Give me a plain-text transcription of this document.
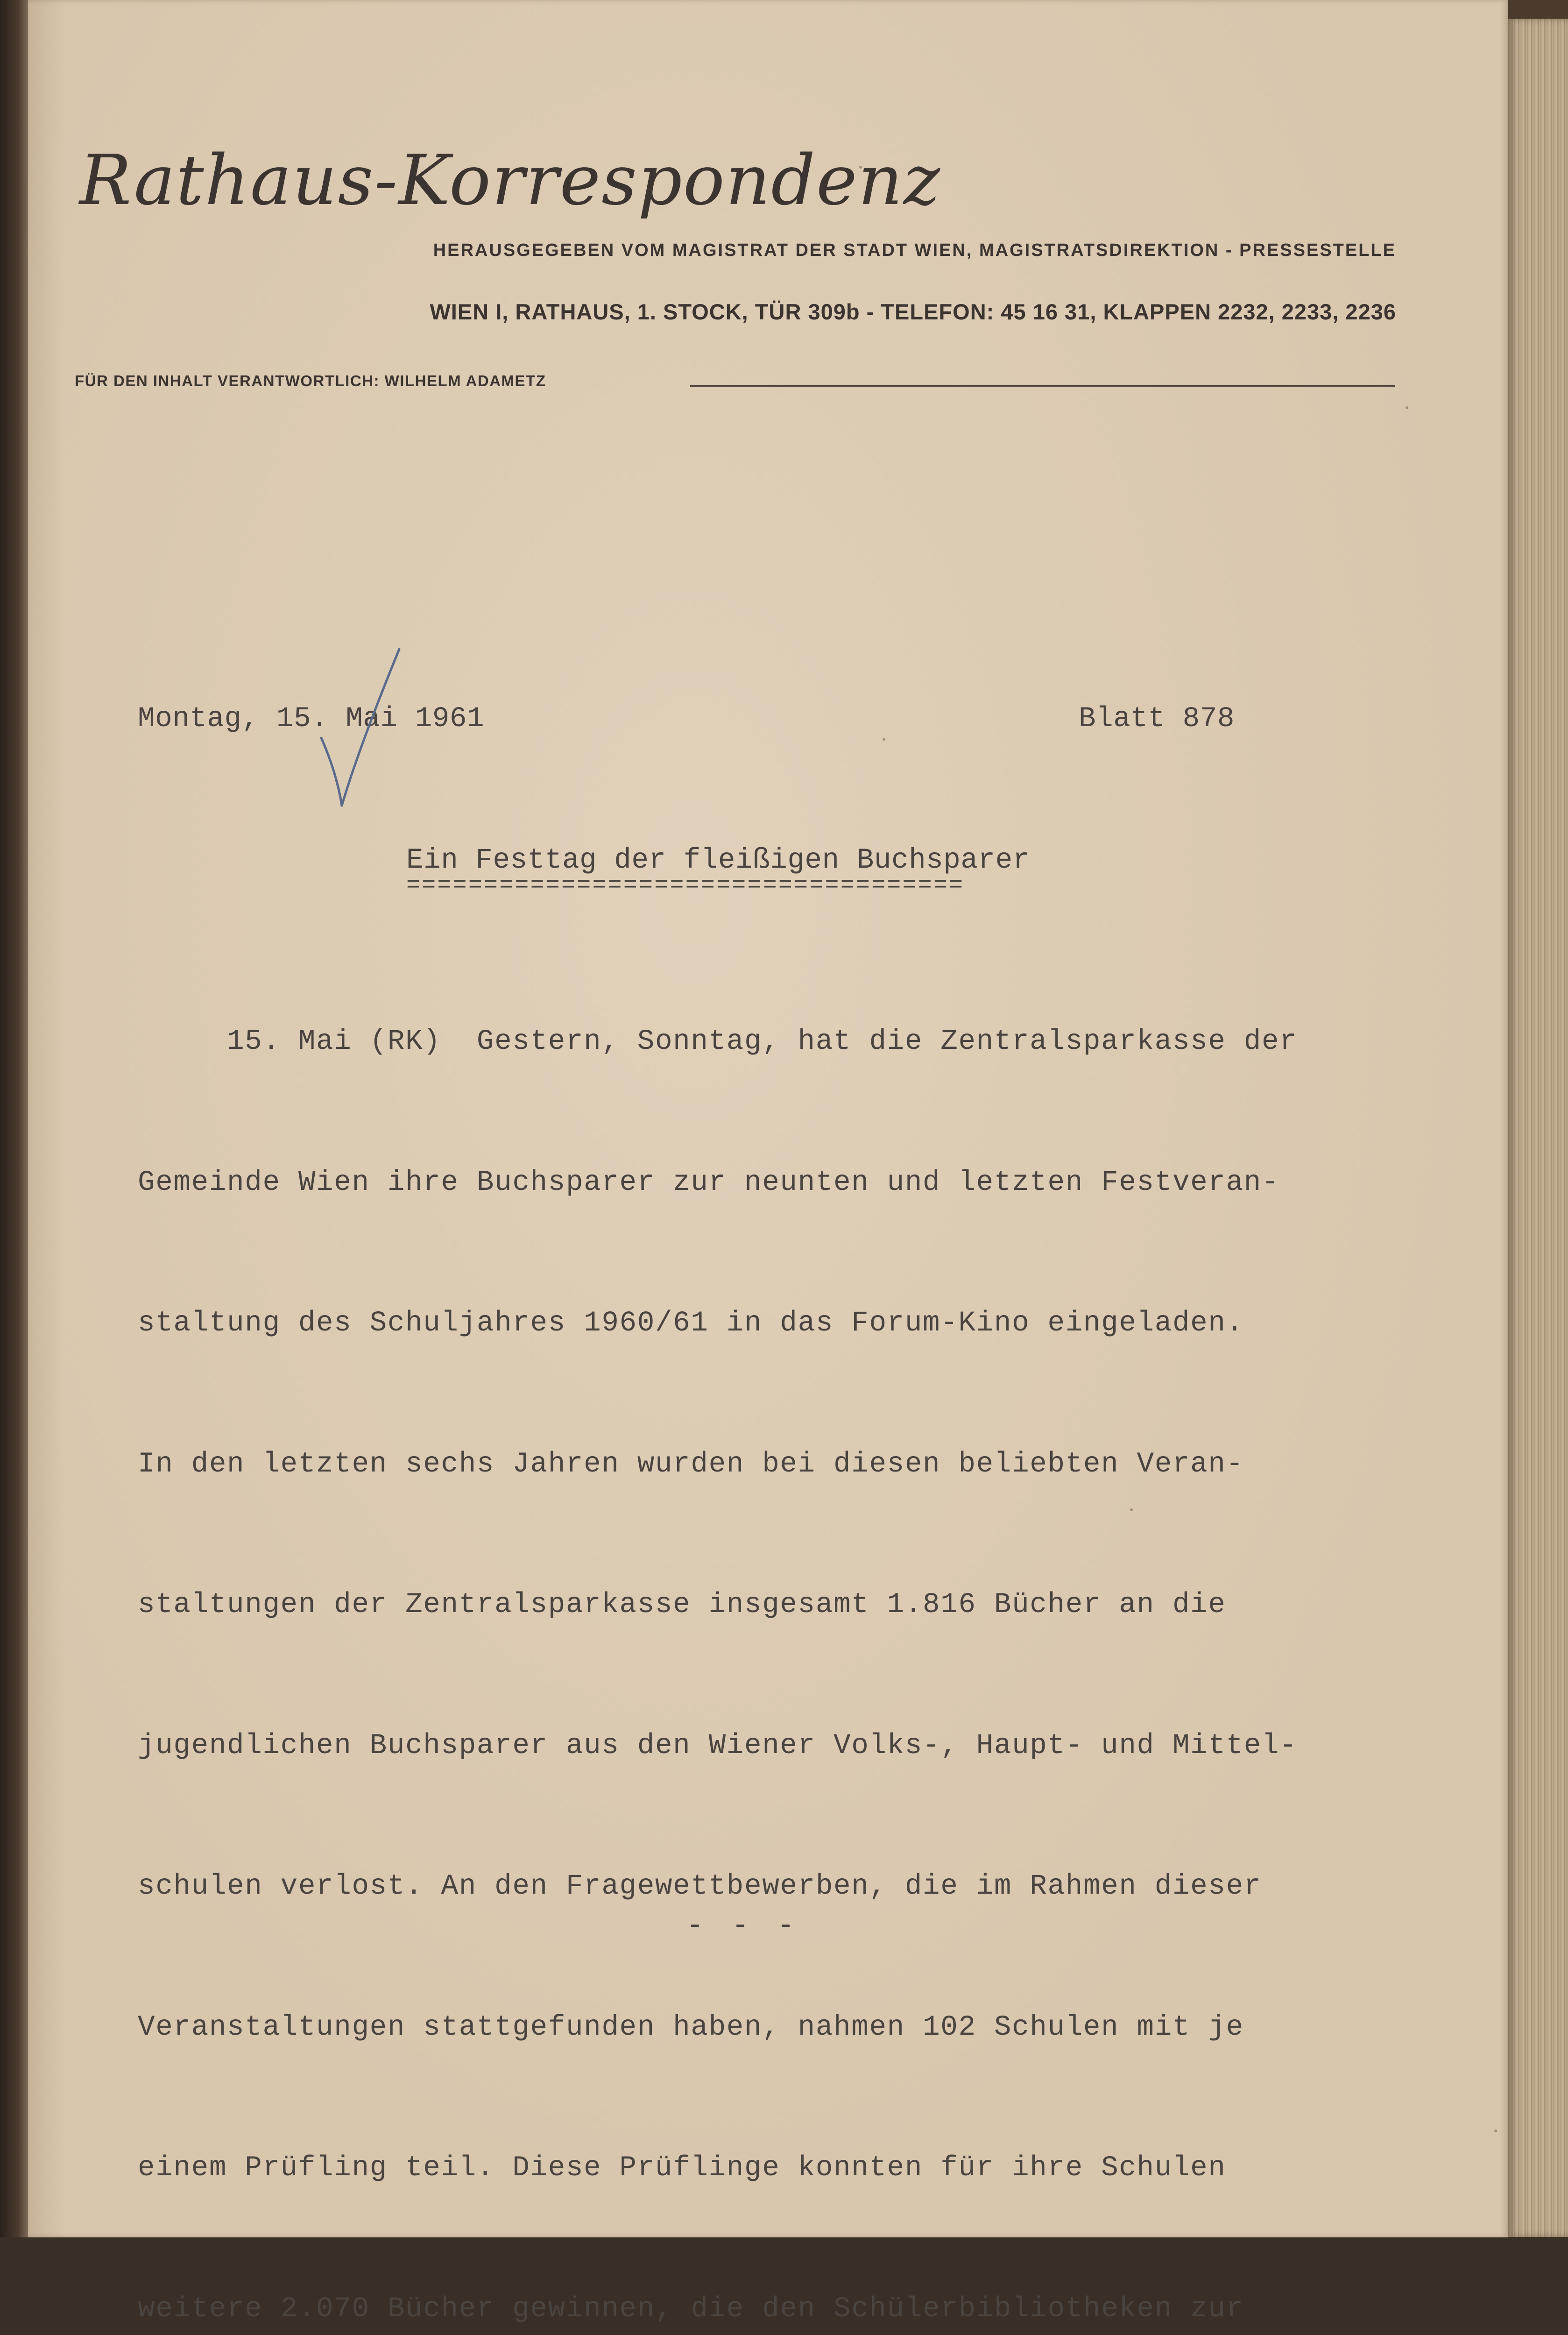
Rathaus-Korrespondenz
HERAUSGEGEBEN VOM MAGISTRAT DER STADT WIEN, MAGISTRATSDIREKTION - PRESSESTELLE
WIEN I, RATHAUS, 1. STOCK, TÜR 309b - TELEFON: 45 16 31, KLAPPEN 2232, 2233, 2236
FÜR DEN INHALT VERANTWORTLICH: WILHELM ADAMETZ
Montag, 15. Mai 1961	Blatt 878
Ein Festtag der fleißigen Buchsparer
====================================

15. Mai (RK)  Gestern, Sonntag, hat die Zentralsparkasse der

Gemeinde Wien ihre Buchsparer zur neunten und letzten Festveran-

staltung des Schuljahres 1960/61 in das Forum-Kino eingeladen.

In den letzten sechs Jahren wurden bei diesen beliebten Veran-

staltungen der Zentralsparkasse insgesamt 1.816 Bücher an die

jugendlichen Buchsparer aus den Wiener Volks-, Haupt- und Mittel-

schulen verlost. An den Fragewettbewerben, die im Rahmen dieser

Veranstaltungen stattgefunden haben, nahmen 102 Schulen mit je

einem Prüfling teil. Diese Prüflinge konnten für ihre Schulen

weitere 2.070 Bücher gewinnen, die den Schülerbibliotheken zur

- - -
